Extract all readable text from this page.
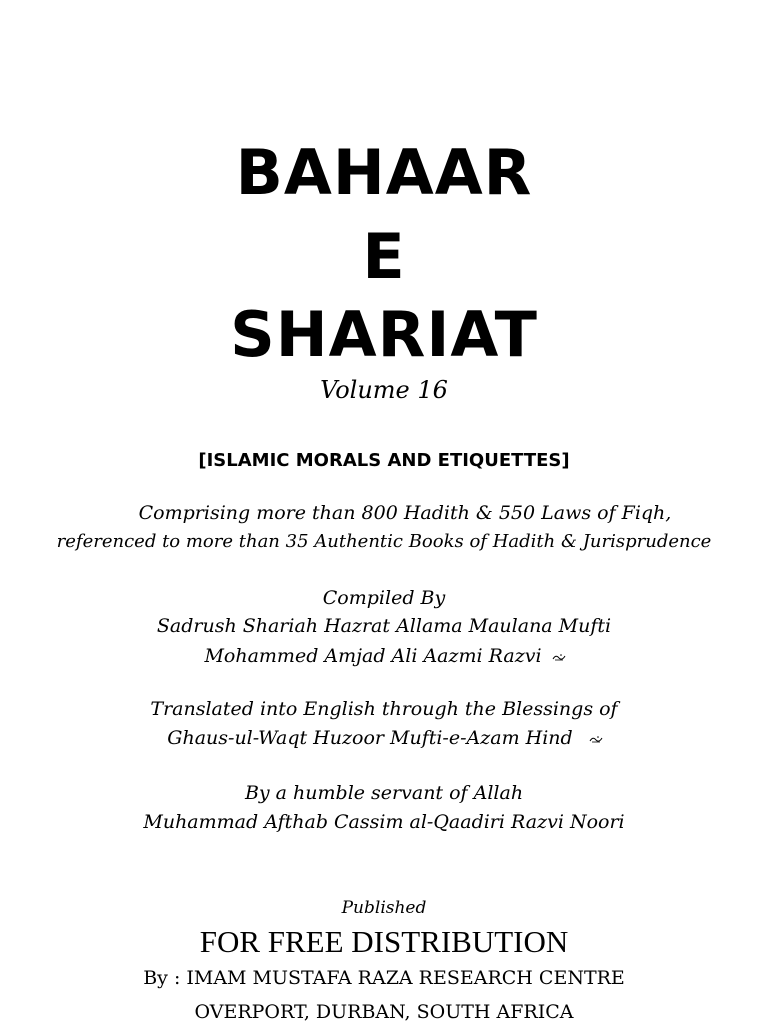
BAHAAR
E
SHARIAT
Volume 16
[ISLAMIC MORALS AND ETIQUETTES]
Comprising more than 800 Hadith & 550 Laws of Fiqh,
referenced to more than 35 Authentic Books of Hadith & Jurisprudence
Compiled By
Sadrush Shariah Hazrat Allama Maulana Mufti
Mohammed Amjad Ali Aazmi Razvi
Translated into English through the Blessings of
Ghaus-ul-Waqt Huzoor Mufti-e-Azam Hind
By a humble servant of Allah
Muhammad Afthab Cassim al-Qaadiri Razvi Noori
Published
FOR FREE DISTRIBUTION
By : IMAM MUSTAFA RAZA RESEARCH CENTRE
OVERPORT, DURBAN, SOUTH AFRICA
